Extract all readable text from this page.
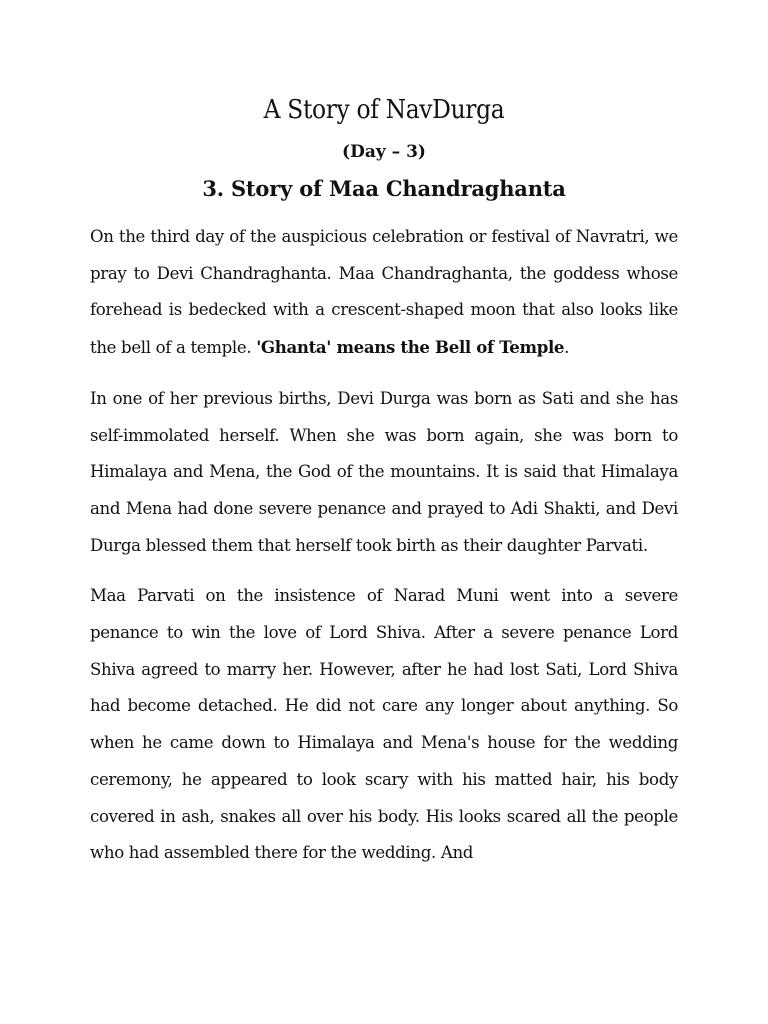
A Story of NavDurga
(Day – 3)
3. Story of Maa Chandraghanta

On the third day of the auspicious celebration or festival of Navratri, we pray to Devi Chandraghanta. Maa Chandraghanta, the goddess whose forehead is bedecked with a crescent-shaped moon that also looks like the bell of a temple. 'Ghanta' means the Bell of Temple.

In one of her previous births, Devi Durga was born as Sati and she has self-immolated herself. When she was born again, she was born to Himalaya and Mena, the God of the mountains. It is said that Himalaya and Mena had done severe penance and prayed to Adi Shakti, and Devi Durga blessed them that herself took birth as their daughter Parvati.

Maa Parvati on the insistence of Narad Muni went into a severe penance to win the love of Lord Shiva. After a severe penance Lord Shiva agreed to marry her. However, after he had lost Sati, Lord Shiva had become detached. He did not care any longer about anything. So when he came down to Himalaya and Mena's house for the wedding ceremony, he appeared to look scary with his matted hair, his body covered in ash, snakes all over his body. His looks scared all the people who had assembled there for the wedding. And
